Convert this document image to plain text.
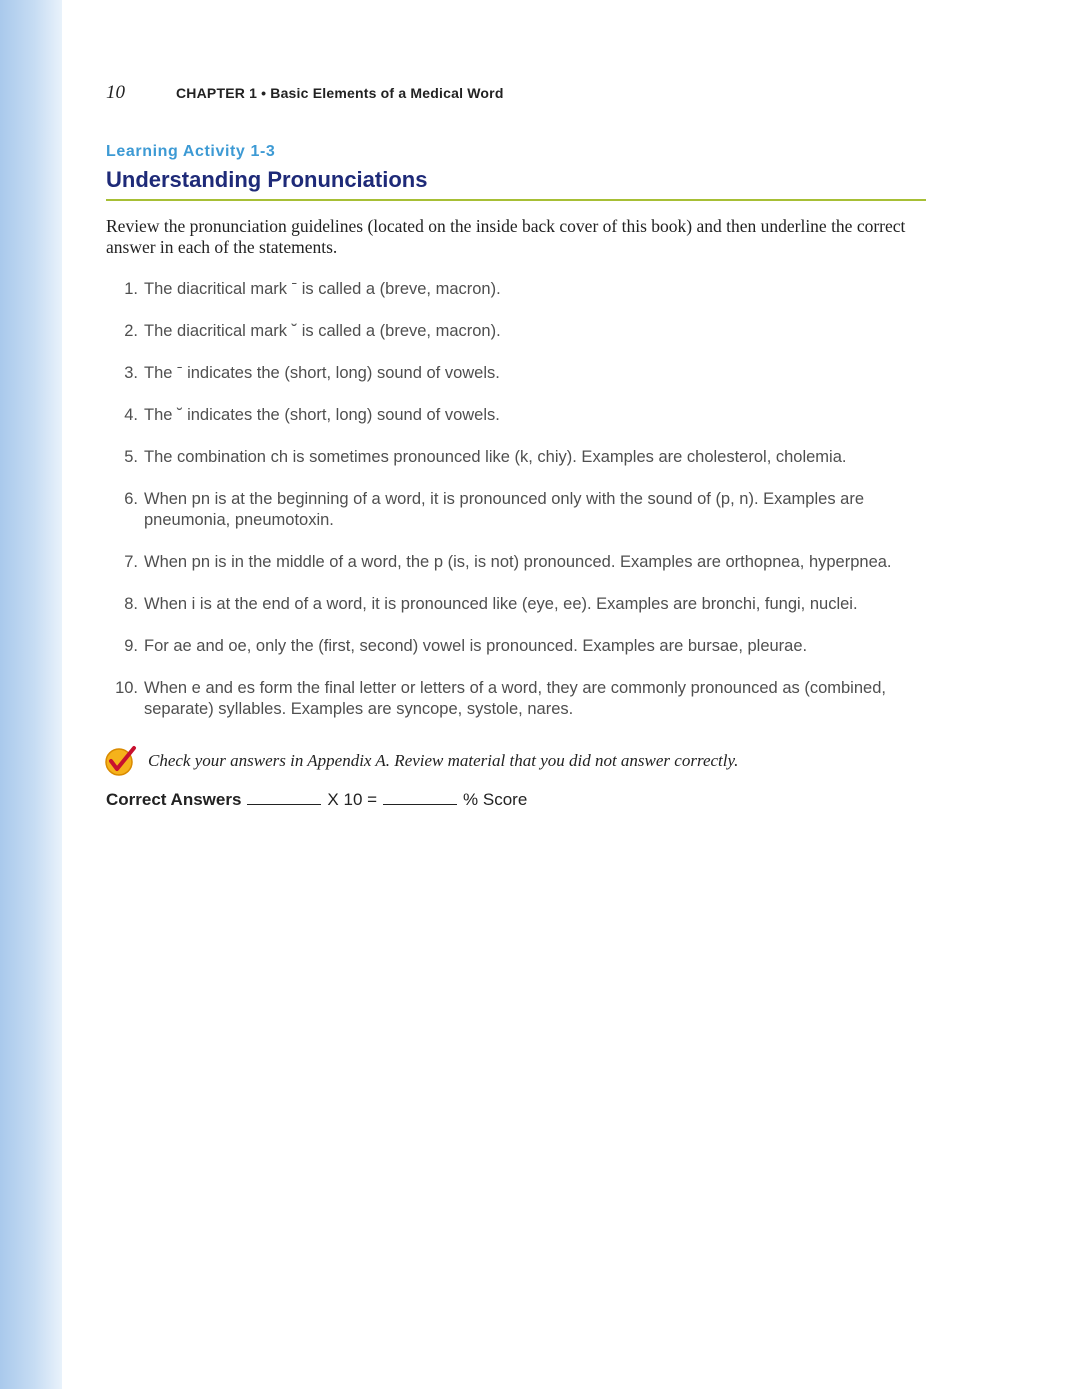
10	CHAPTER 1 • Basic Elements of a Medical Word
Learning Activity 1-3
Understanding Pronunciations
Review the pronunciation guidelines (located on the inside back cover of this book) and then underline the correct answer in each of the statements.
1. The diacritical mark ˉ is called a (breve, macron).
2. The diacritical mark ˘ is called a (breve, macron).
3. The ˉ indicates the (short, long) sound of vowels.
4. The ˘ indicates the (short, long) sound of vowels.
5. The combination ch is sometimes pronounced like (k, chiy). Examples are cholesterol, cholemia.
6. When pn is at the beginning of a word, it is pronounced only with the sound of (p, n). Examples are pneumonia, pneumotoxin.
7. When pn is in the middle of a word, the p (is, is not) pronounced. Examples are orthopnea, hyperpnea.
8. When i is at the end of a word, it is pronounced like (eye, ee). Examples are bronchi, fungi, nuclei.
9. For ae and oe, only the (first, second) vowel is pronounced. Examples are bursae, pleurae.
10. When e and es form the final letter or letters of a word, they are commonly pronounced as (combined, separate) syllables. Examples are syncope, systole, nares.
Check your answers in Appendix A. Review material that you did not answer correctly.
Correct Answers	X 10 =	% Score
